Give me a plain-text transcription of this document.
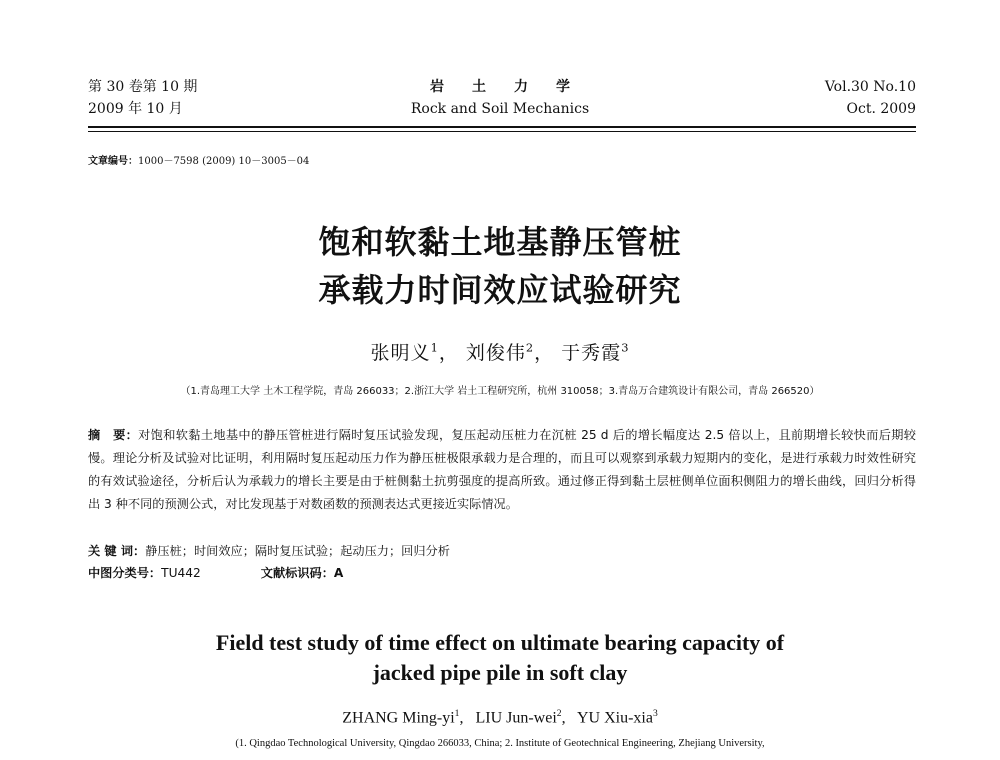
第 30 卷第 10 期
2009 年 10 月
岩土力学
Rock and Soil Mechanics
Vol.30 No.10
Oct. 2009
文章编号：1000－7598 (2009) 10－3005－04
饱和软黏土地基静压管桩
承载力时间效应试验研究
张明义$^1$， 刘俊伟$^2$， 于秀霞$^3$
（1.青岛理工大学 土木工程学院，青岛 266033；2.浙江大学 岩土工程研究所，杭州 310058；3.青岛万合建筑设计有限公司，青岛 266520）
摘　要：对饱和软黏土地基中的静压管桩进行隔时复压试验发现，复压起动压桩力在沉桩 25 d 后的增长幅度达 2.5 倍以上，且前期增长较快而后期较慢。理论分析及试验对比证明，利用隔时复压起动压力作为静压桩极限承载力是合理的，而且可以观察到承载力短期内的变化，是进行承载力时效性研究的有效试验途径，分析后认为承载力的增长主要是由于桩侧黏土抗剪强度的提高所致。通过修正得到黏土层桩侧单位面积侧阻力的增长曲线，回归分析得出 3 种不同的预测公式，对比发现基于对数函数的预测表达式更接近实际情况。
关 键 词：静压桩；时间效应；隔时复压试验；起动压力；回归分析
中图分类号：TU442	文献标识码：A
Field test study of time effect on ultimate bearing capacity of
jacked pipe pile in soft clay
ZHANG Ming-$yi^1$,   LIU Jun-wei$^2$,   YU Xiu-xia$^3$
(1. Qingdao Technological University, Qingdao 266033, China; 2. Institute of Geotechnical Engineering, Zhejiang University,
